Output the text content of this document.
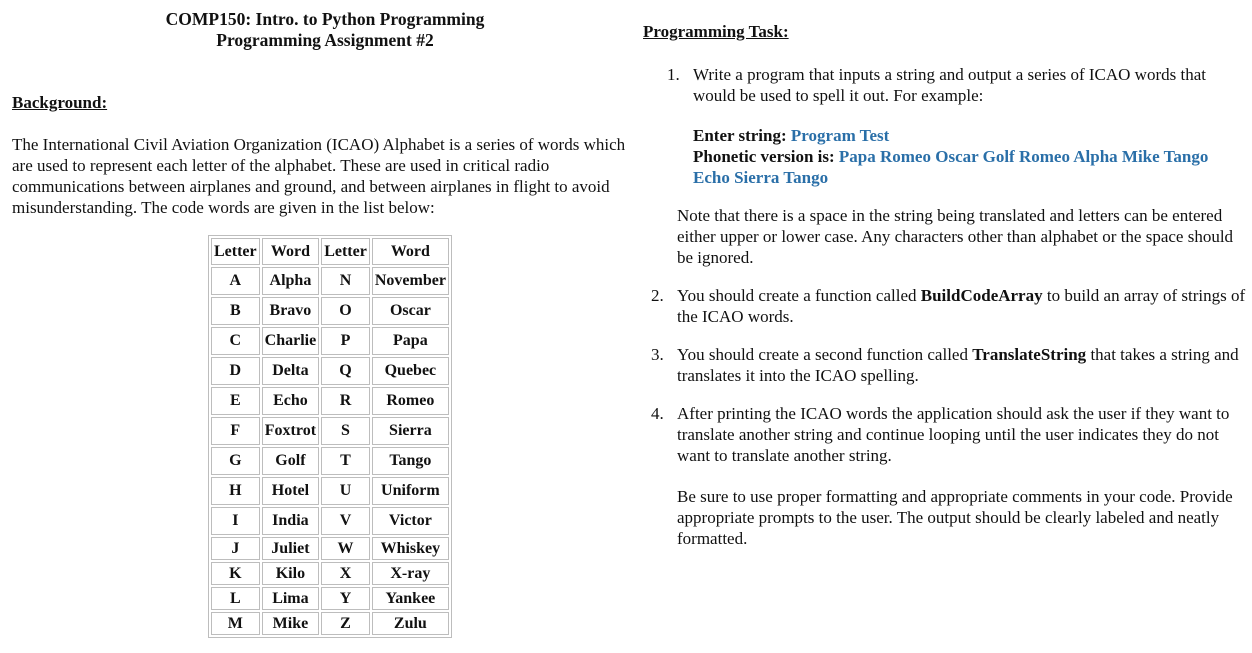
COMP150: Intro. to Python Programming
Programming Assignment #2
Background:
The International Civil Aviation Organization (ICAO) Alphabet is a series of words which are used to represent each letter of the alphabet. These are used in critical radio communications between airplanes and ground, and between airplanes in flight to avoid misunderstanding. The code words are given in the list below:
Letter	Word	Letter	Word
A	Alpha	N	November
B	Bravo	O	Oscar
C	Charlie	P	Papa
D	Delta	Q	Quebec
E	Echo	R	Romeo
F	Foxtrot	S	Sierra
G	Golf	T	Tango
H	Hotel	U	Uniform
I	India	V	Victor
J	Juliet	W	Whiskey
K	Kilo	X	X-ray
L	Lima	Y	Yankee
M	Mike	Z	Zulu
Programming Task:
1. Write a program that inputs a string and output a series of ICAO words that would be used to spell it out. For example:
Enter string: Program Test
Phonetic version is: Papa Romeo Oscar Golf Romeo Alpha Mike Tango Echo Sierra Tango
Note that there is a space in the string being translated and letters can be entered either upper or lower case. Any characters other than alphabet or the space should be ignored.
2. You should create a function called BuildCodeArray to build an array of strings of the ICAO words.
3. You should create a second function called TranslateString that takes a string and translates it into the ICAO spelling.
4. After printing the ICAO words the application should ask the user if they want to translate another string and continue looping until the user indicates they do not want to translate another string.
Be sure to use proper formatting and appropriate comments in your code. Provide appropriate prompts to the user. The output should be clearly labeled and neatly formatted.
